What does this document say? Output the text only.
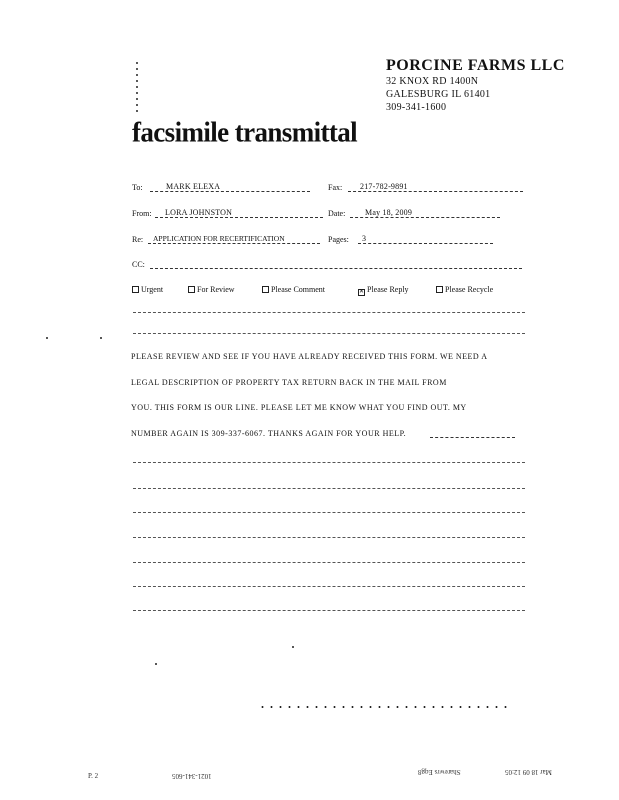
PORCINE FARMS LLC
32 KNOX RD 1400N
GALESBURG IL 61401
309-341-1600
facsimile transmittal
To:	MARK ELEXA	Fax: 217-782-9891
From: LORA JOHNSTON	Date: May 18, 2009
Re: APPLICATION FOR RECERTIFICATION	Pages: 3
CC:
Urgent	For Review	Please Comment	✕ Please Reply	Please Recycle
PLEASE REVIEW AND SEE IF YOU HAVE ALREADY RECEIVED THIS FORM. WE NEED A
LEGAL DESCRIPTION OF PROPERTY TAX RETURN BACK IN THE MAIL FROM
YOU. THIS FORM IS OUR LINE. PLEASE LET ME KNOW WHAT YOU FIND OUT. MY
NUMBER AGAIN IS 309-337-6067. THANKS AGAIN FOR YOUR HELP.
P. 2	1021-341-605	Sharewrs Eqg8	Mar 18 09 12:05
